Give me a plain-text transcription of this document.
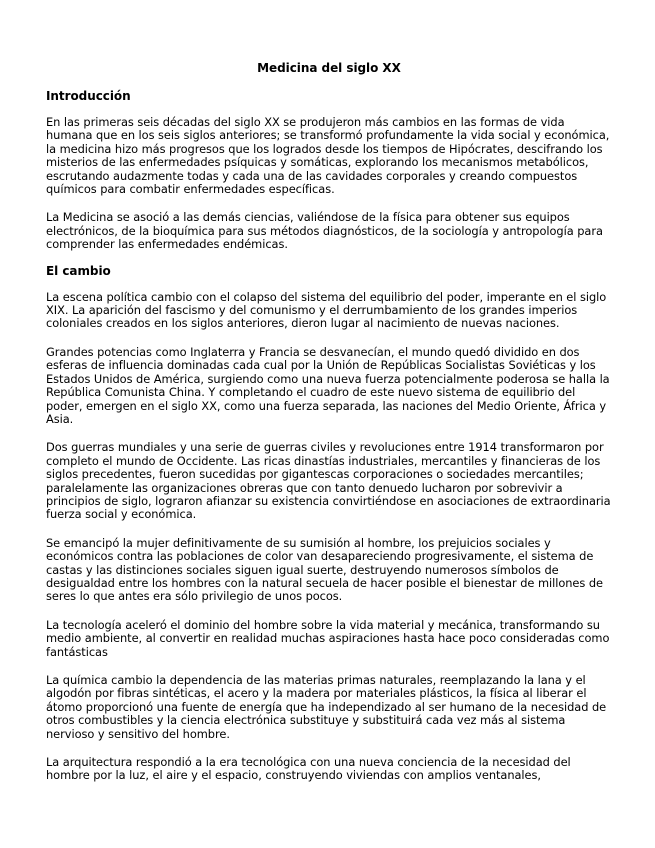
Medicina del siglo XX
Introducción

En las primeras seis décadas del siglo XX se produjeron más cambios en las formas de vida humana que en los seis siglos anteriores; se transformó profundamente la vida social y económica, la medicina hizo más progresos que los logrados desde los tiempos de Hipócrates, descifrando los misterios de las enfermedades psíquicas y somáticas, explorando los mecanismos metabólicos, escrutando audazmente todas y cada una de las cavidades corporales y creando compuestos químicos para combatir enfermedades específicas.

La Medicina se asoció a las demás ciencias, valiéndose de la física para obtener sus equipos electrónicos, de la bioquímica para sus métodos diagnósticos, de la sociología y antropología para comprender las enfermedades endémicas.

El cambio

La escena política cambio con el colapso del sistema del equilibrio del poder, imperante en el siglo XIX. La aparición del fascismo y del comunismo y el derrumbamiento de los grandes imperios coloniales creados en los siglos anteriores, dieron lugar al nacimiento de nuevas naciones.

Grandes potencias como Inglaterra y Francia se desvanecían, el mundo quedó dividido en dos esferas de influencia dominadas cada cual por la Unión de Repúblicas Socialistas Soviéticas y los Estados Unidos de América, surgiendo como una nueva fuerza potencialmente poderosa se halla la República Comunista China. Y completando el cuadro de este nuevo sistema de equilibrio del poder, emergen en el siglo XX, como una fuerza separada, las naciones del Medio Oriente, África y Asia.

Dos guerras mundiales y una serie de guerras civiles y revoluciones entre 1914 transformaron por completo el mundo de Occidente. Las ricas dinastías industriales, mercantiles y financieras de los siglos precedentes, fueron sucedidas por gigantescas corporaciones o sociedades mercantiles; paralelamente las organizaciones obreras que con tanto denuedo lucharon por sobrevivir a principios de siglo, lograron afianzar su existencia convirtiéndose en asociaciones de extraordinaria fuerza social y económica.

Se emancipó la mujer definitivamente de su sumisión al hombre, los prejuicios sociales y económicos contra las poblaciones de color van desapareciendo progresivamente, el sistema de castas y las distinciones sociales siguen igual suerte, destruyendo numerosos símbolos de desigualdad entre los hombres con la natural secuela de hacer posible el bienestar de millones de seres lo que antes era sólo privilegio de unos pocos.

La tecnología aceleró el dominio del hombre sobre la vida material y mecánica, transformando su medio ambiente, al convertir en realidad muchas aspiraciones hasta hace poco consideradas como fantásticas

La química cambio la dependencia de las materias primas naturales, reemplazando la lana y el algodón por fibras sintéticas, el acero y la madera por materiales plásticos, la física al liberar el átomo proporcionó una fuente de energía que ha independizado al ser humano de la necesidad de otros combustibles y la ciencia electrónica substituye y substituirá cada vez más al sistema nervioso y sensitivo del hombre.

La arquitectura respondió a la era tecnológica con una nueva conciencia de la necesidad del hombre por la luz, el aire y el espacio, construyendo viviendas con amplios ventanales,
